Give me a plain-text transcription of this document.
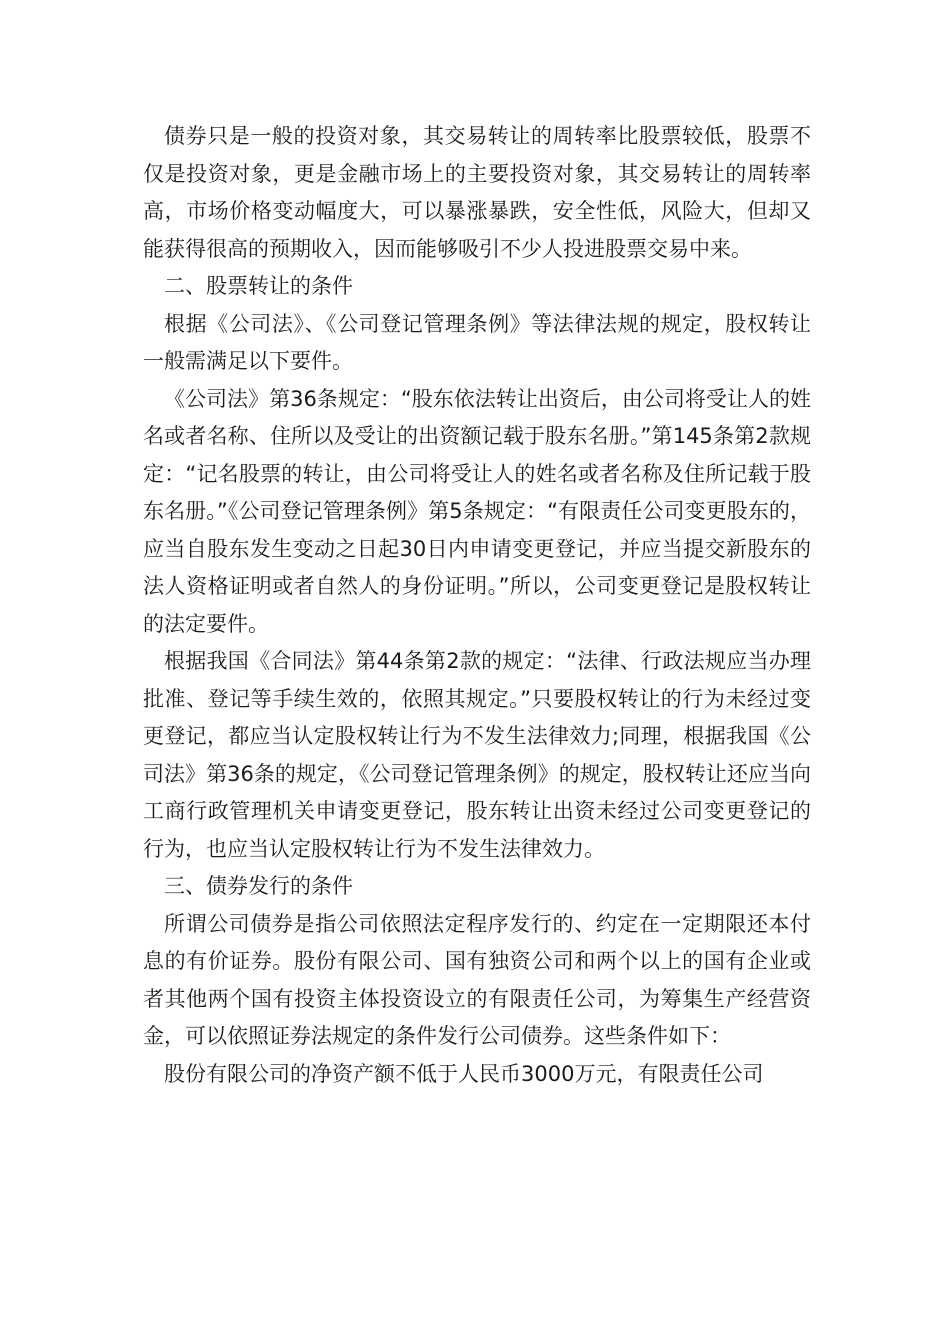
债券只是一般的投资对象，其交易转让的周转率比股票较低，股票不仅是投资对象，更是金融市场上的主要投资对象，其交易转让的周转率高，市场价格变动幅度大，可以暴涨暴跌，安全性低，风险大，但却又能获得很高的预期收入，因而能够吸引不少人投进股票交易中来。

二、股票转让的条件

根据《公司法》、《公司登记管理条例》等法律法规的规定，股权转让一般需满足以下要件。

《公司法》第36条规定：“股东依法转让出资后，由公司将受让人的姓名或者名称、住所以及受让的出资额记载于股东名册。”第145条第2款规定：“记名股票的转让，由公司将受让人的姓名或者名称及住所记载于股东名册。”《公司登记管理条例》第5条规定：“有限责任公司变更股东的，应当自股东发生变动之日起30日内申请变更登记，并应当提交新股东的法人资格证明或者自然人的身份证明。”所以，公司变更登记是股权转让的法定要件。

根据我国《合同法》第44条第2款的规定：“法律、行政法规应当办理批准、登记等手续生效的，依照其规定。”只要股权转让的行为未经过变更登记，都应当认定股权转让行为不发生法律效力;同理，根据我国《公司法》第36条的规定，《公司登记管理条例》的规定，股权转让还应当向工商行政管理机关申请变更登记，股东转让出资未经过公司变更登记的行为，也应当认定股权转让行为不发生法律效力。

三、债券发行的条件

所谓公司债券是指公司依照法定程序发行的、约定在一定期限还本付息的有价证券。股份有限公司、国有独资公司和两个以上的国有企业或者其他两个国有投资主体投资设立的有限责任公司，为筹集生产经营资金，可以依照证券法规定的条件发行公司债券。这些条件如下：

股份有限公司的净资产额不低于人民币3000万元，有限责任公司
